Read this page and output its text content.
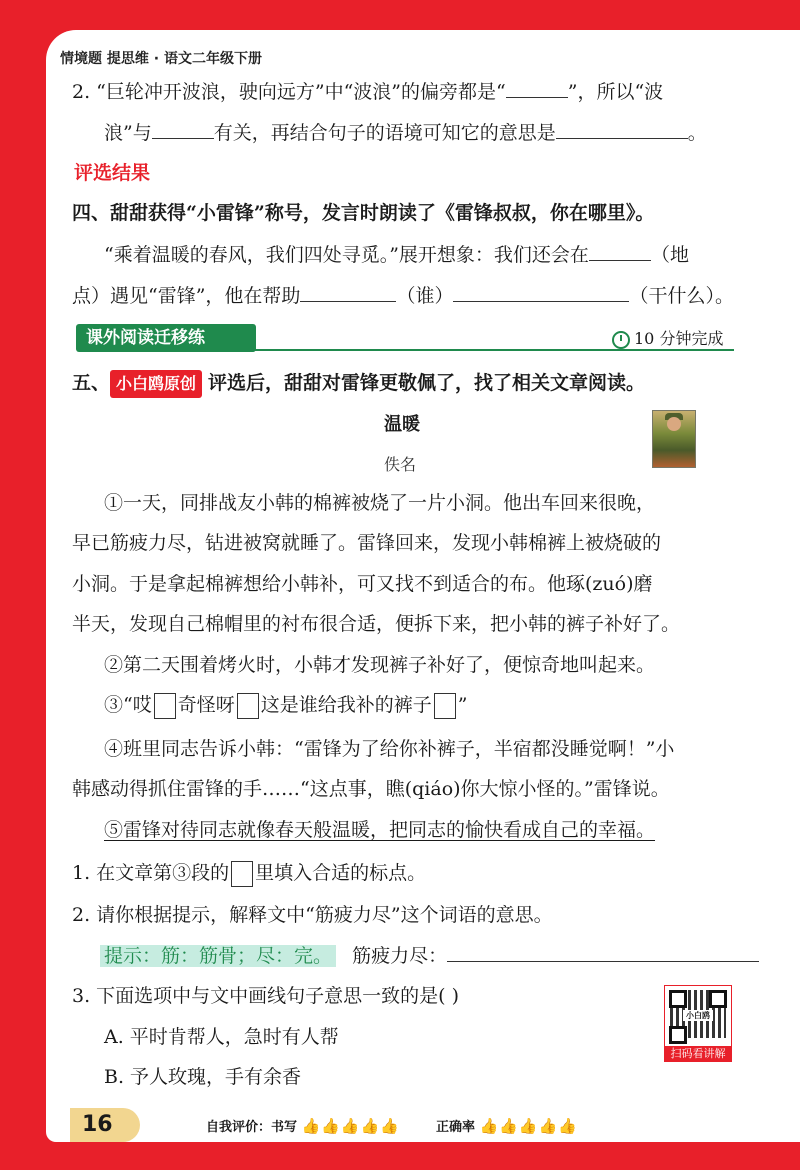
情境题 提思维 · 语文二年级下册
2. “巨轮冲开波浪，驶向远方”中“波浪”的偏旁都是“	”，所以“波
浪”与	有关，再结合句子的语境可知它的意思是	。
评选结果
四、甜甜获得“小雷锋”称号，发言时朗读了《雷锋叔叔，你在哪里》。
“乘着温暖的春风，我们四处寻觅。”展开想象：我们还会在	（地
点）遇见“雷锋”，他在帮助	（谁）	（干什么）。
课外阅读迁移练	10 分钟完成
五、 小白鸥原创 评选后，甜甜对雷锋更敬佩了，找了相关文章阅读。
温暖
佚名
①一天，同排战友小韩的棉裤被烧了一片小洞。他出车回来很晚，
早已筋疲力尽，钻进被窝就睡了。雷锋回来，发现小韩棉裤上被烧破的
小洞。于是拿起棉裤想给小韩补，可又找不到适合的布。他琢(zuó)磨
半天，发现自己棉帽里的衬布很合适，便拆下来，把小韩的裤子补好了。
②第二天围着烤火时，小韩才发现裤子补好了，便惊奇地叫起来。
③“哎 奇怪呀 这是谁给我补的裤子 ”
④班里同志告诉小韩：“雷锋为了给你补裤子，半宿都没睡觉啊！”小
韩感动得抓住雷锋的手……“这点事，瞧(qiáo)你大惊小怪的。”雷锋说。
⑤雷锋对待同志就像春天般温暖，把同志的愉快看成自己的幸福。
1. 在文章第③段的 里填入合适的标点。
2. 请你根据提示，解释文中“筋疲力尽”这个词语的意思。
提示：筋：筋骨；尽：完。 筋疲力尽：
3. 下面选项中与文中画线句子意思一致的是( )
A. 平时肯帮人，急时有人帮
B. 予人玫瑰，手有余香
小白鸥
扫码看讲解
16	自我评价：书写 👍👍👍👍👍	正确率 👍👍👍👍👍
